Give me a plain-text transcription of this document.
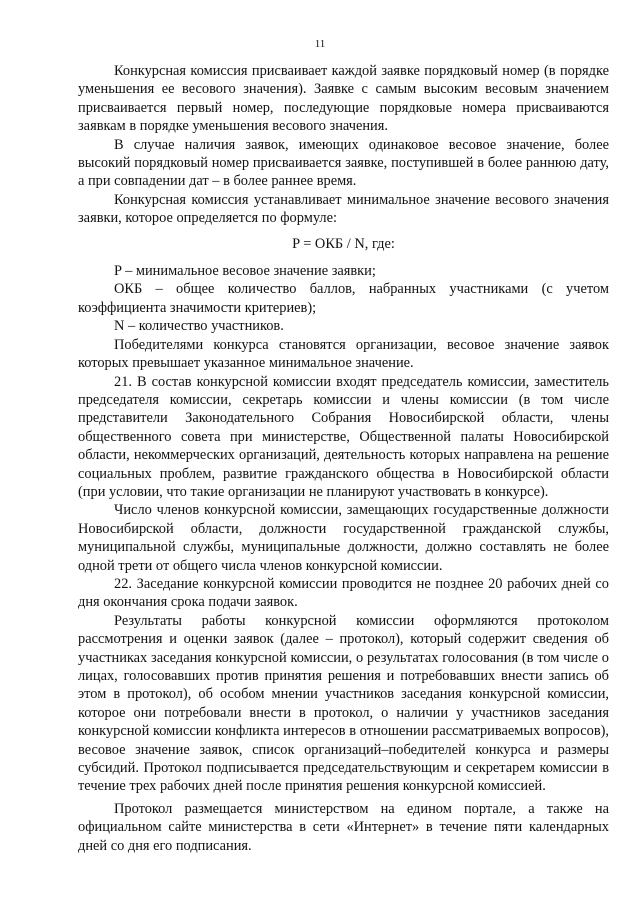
11

Конкурсная комиссия присваивает каждой заявке порядковый номер (в порядке уменьшения ее весового значения). Заявке с самым высоким весовым значением присваивается первый номер, последующие порядковые номера присваиваются заявкам в порядке уменьшения весового значения.

В случае наличия заявок, имеющих одинаковое весовое значение, более высокий порядковый номер присваивается заявке, поступившей в более раннюю дату, а при совпадении дат – в более раннее время.

Конкурсная комиссия устанавливает минимальное значение весового значения заявки, которое определяется по формуле:

P = ОКБ / N, где:

P – минимальное весовое значение заявки;

ОКБ – общее количество баллов, набранных участниками (с учетом коэффициента значимости критериев);

N – количество участников.

Победителями конкурса становятся организации, весовое значение заявок которых превышает указанное минимальное значение.

21. В состав конкурсной комиссии входят председатель комиссии, заместитель председателя комиссии, секретарь комиссии и члены комиссии (в том числе представители Законодательного Собрания Новосибирской области, члены общественного совета при министерстве, Общественной палаты Новосибирской области, некоммерческих организаций, деятельность которых направлена на решение социальных проблем, развитие гражданского общества в Новосибирской области (при условии, что такие организации не планируют участвовать в конкурсе).

Число членов конкурсной комиссии, замещающих государственные должности Новосибирской области, должности государственной гражданской службы, муниципальной службы, муниципальные должности, должно составлять не более одной трети от общего числа членов конкурсной комиссии.

22. Заседание конкурсной комиссии проводится не позднее 20 рабочих дней со дня окончания срока подачи заявок.

Результаты работы конкурсной комиссии оформляются протоколом рассмотрения и оценки заявок (далее – протокол), который содержит сведения об участниках заседания конкурсной комиссии, о результатах голосования (в том числе о лицах, голосовавших против принятия решения и потребовавших внести запись об этом в протокол), об особом мнении участников заседания конкурсной комиссии, которое они потребовали внести в протокол, о наличии у участников заседания конкурсной комиссии конфликта интересов в отношении рассматриваемых вопросов), весовое значение заявок, список организаций–победителей конкурса и размеры субсидий. Протокол подписывается председательствующим и секретарем комиссии в течение трех рабочих дней после принятия решения конкурсной комиссией.

Протокол размещается министерством на едином портале, а также на официальном сайте министерства в сети «Интернет» в течение пяти календарных дней со дня его подписания.
